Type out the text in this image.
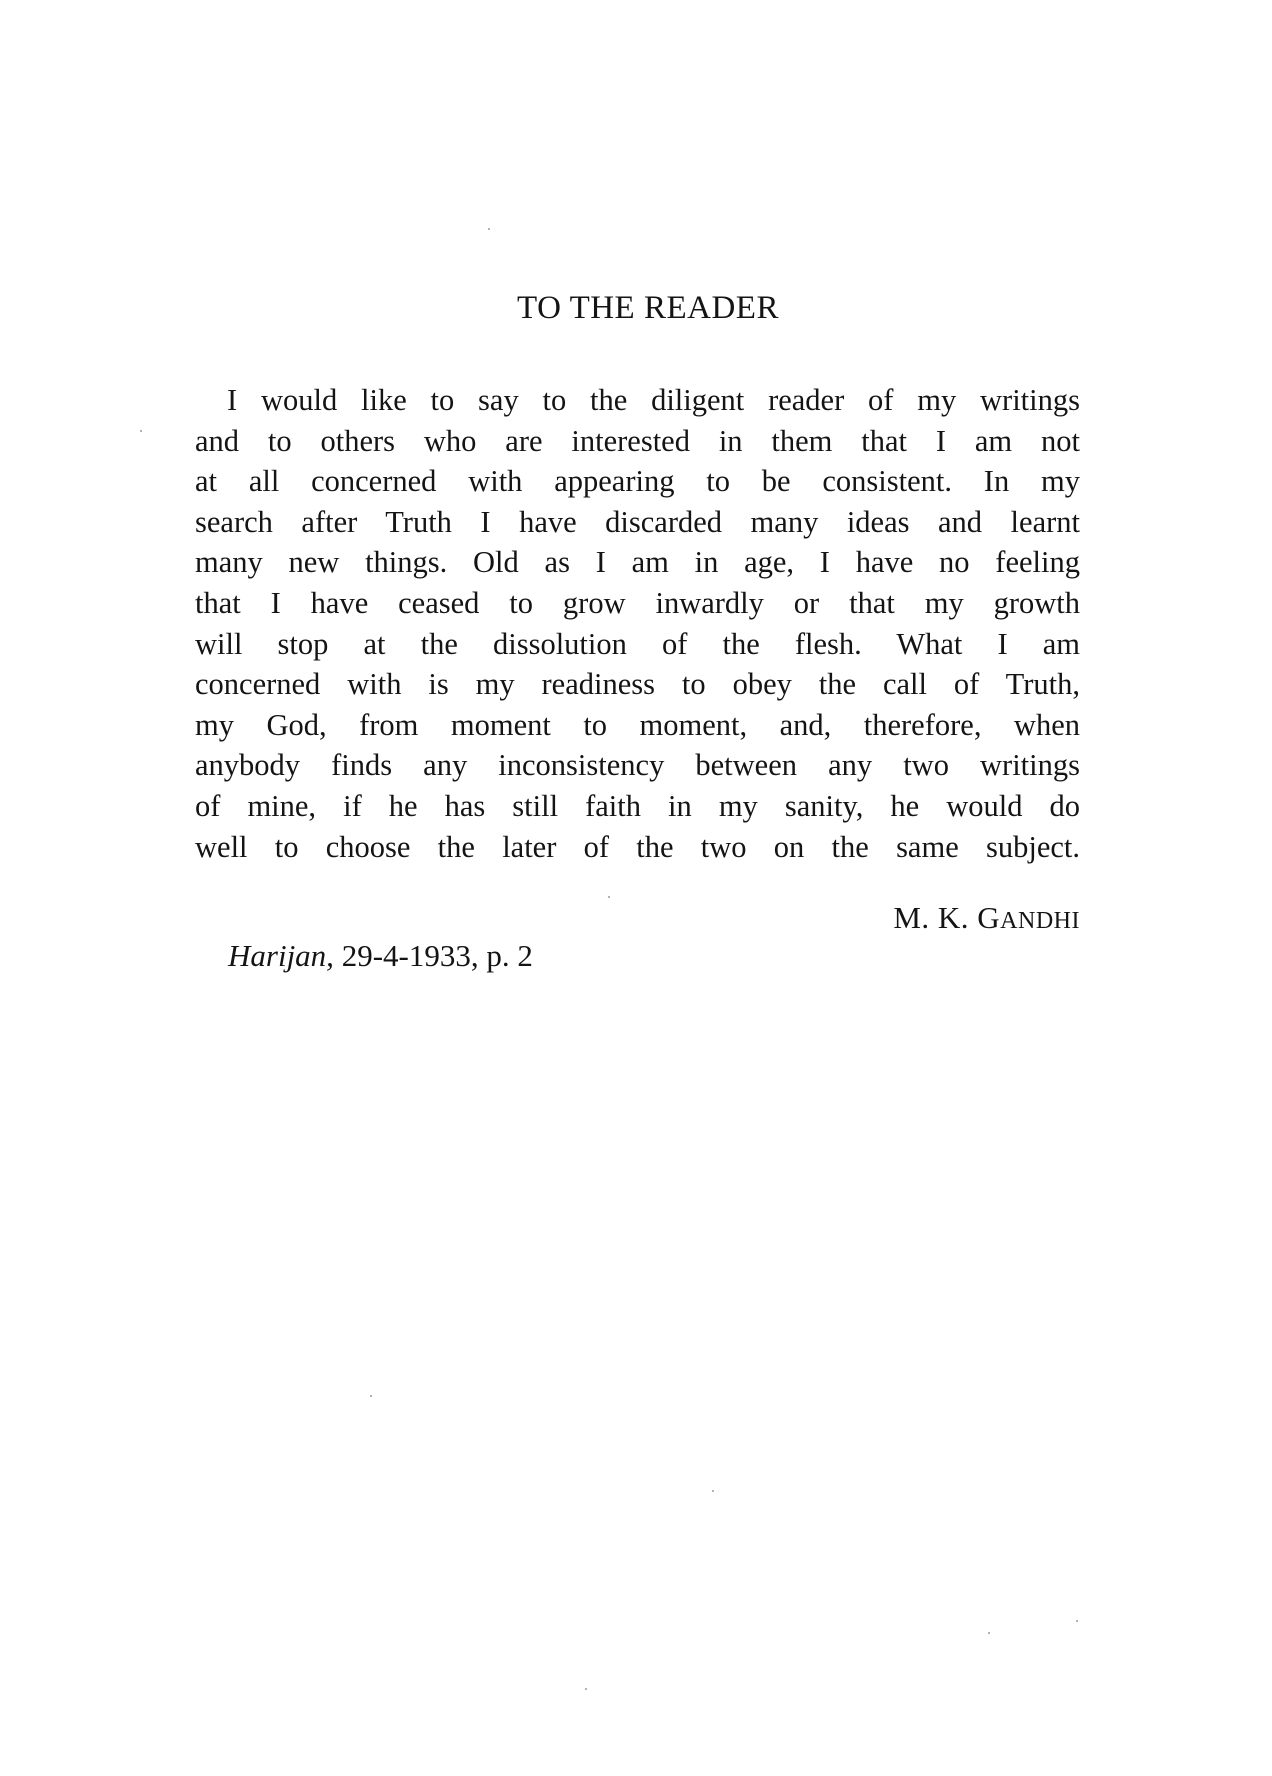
TO THE READER
I would like to say to the diligent reader of my writings
and to others who are interested in them that I am not
at all concerned with appearing to be consistent. In my
search after Truth I have discarded many ideas and learnt
many new things. Old as I am in age, I have no feeling
that I have ceased to grow inwardly or that my growth
will stop at the dissolution of the flesh. What I am
concerned with is my readiness to obey the call of Truth,
my God, from moment to moment, and, therefore, when
anybody finds any inconsistency between any two writings
of mine, if he has still faith in my sanity, he would do
well to choose the later of the two on the same subject.

M. K. GANDHI

Harijan, 29-4-1933, p. 2
